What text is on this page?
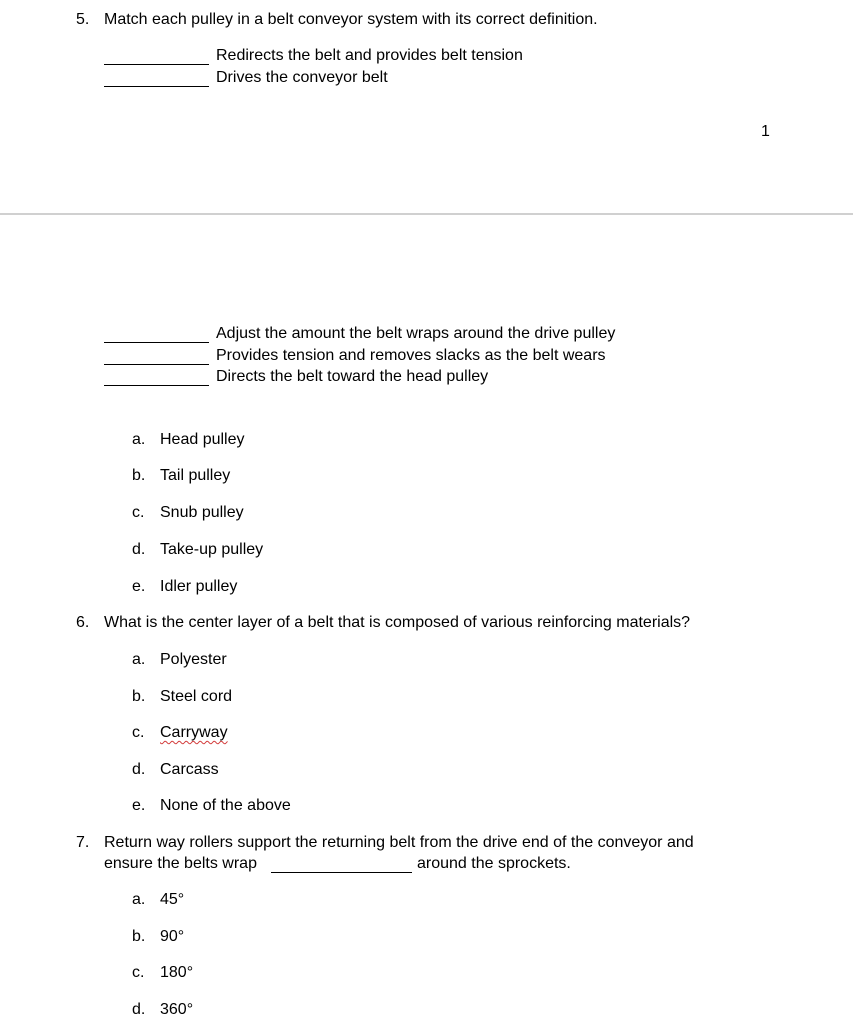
5. Match each pulley in a belt conveyor system with its correct definition.
Redirects the belt and provides belt tension
Drives the conveyor belt
1
Adjust the amount the belt wraps around the drive pulley
Provides tension and removes slacks as the belt wears
Directs the belt toward the head pulley
a. Head pulley
b. Tail pulley
c. Snub pulley
d. Take-up pulley
e. Idler pulley
6. What is the center layer of a belt that is composed of various reinforcing materials?
a. Polyester
b. Steel cord
c. Carryway
d. Carcass
e. None of the above
7. Return way rollers support the returning belt from the drive end of the conveyor and
ensure the belts wrap	around the sprockets.
a. 45°
b. 90°
c. 180°
d. 360°
